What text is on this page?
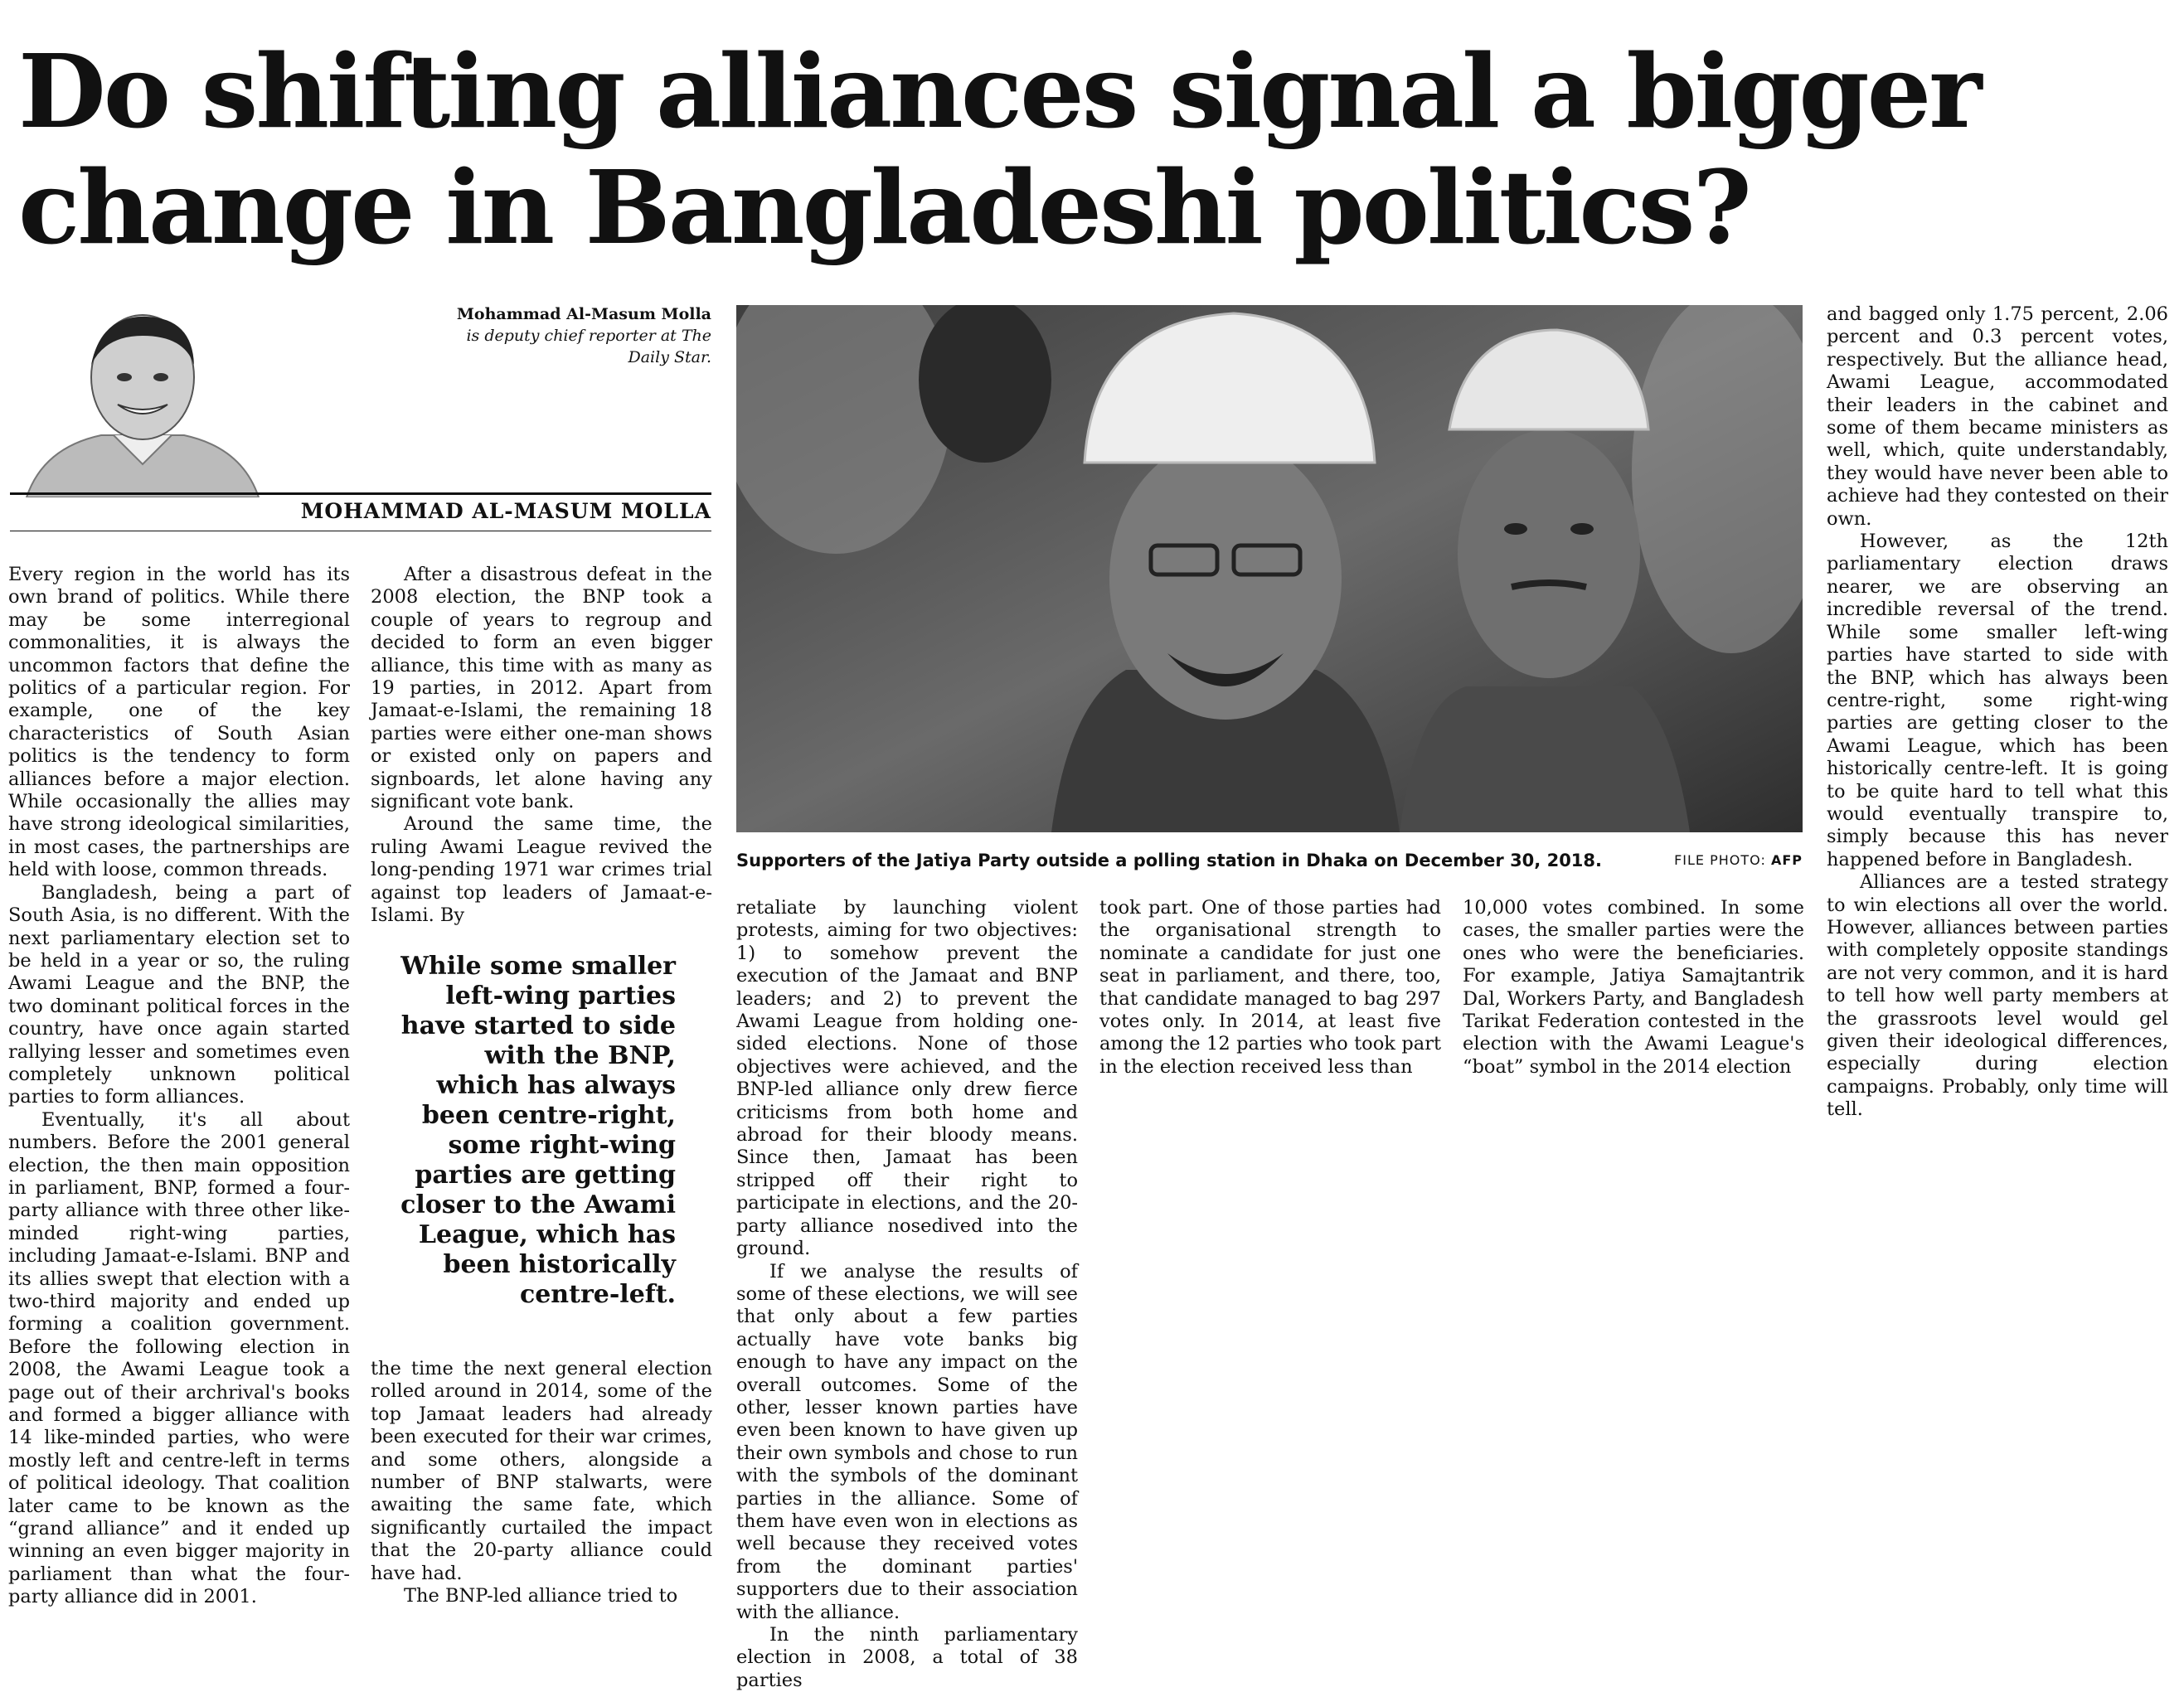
Do shifting alliances signal a bigger change in Bangladeshi politics?
Mohammad Al-Masum Molla
is deputy chief reporter at The
Daily Star.
MOHAMMAD AL-MASUM MOLLA

Every region in the world has its own brand of politics. While there may be some interregional commonalities, it is always the uncommon factors that define the politics of a particular region. For example, one of the key characteristics of South Asian politics is the tendency to form alliances before a major election. While occasionally the allies may have strong ideological similarities, in most cases, the partnerships are held with loose, common threads.

Bangladesh, being a part of South Asia, is no different. With the next parliamentary election set to be held in a year or so, the ruling Awami League and the BNP, the two dominant political forces in the country, have once again started rallying lesser and sometimes even completely unknown political parties to form alliances.

Eventually, it's all about numbers. Before the 2001 general election, the then main opposition in parliament, BNP, formed a four-party alliance with three other like-minded right-wing parties, including Jamaat-e-Islami. BNP and its allies swept that election with a two-third majority and ended up forming a coalition government. Before the following election in 2008, the Awami League took a page out of their archrival's books and formed a bigger alliance with 14 like-minded parties, who were mostly left and centre-left in terms of political ideology. That coalition later came to be known as the “grand alliance” and it ended up winning an even bigger majority in parliament than what the four-party alliance did in 2001.

After a disastrous defeat in the 2008 election, the BNP took a couple of years to regroup and decided to form an even bigger alliance, this time with as many as 19 parties, in 2012. Apart from Jamaat-e-Islami, the remaining 18 parties were either one-man shows or existed only on papers and signboards, let alone having any significant vote bank.

Around the same time, the ruling Awami League revived the long-pending 1971 war crimes trial against top leaders of Jamaat-e-Islami. By

While some smaller left-wing parties have started to side with the BNP, which has always been centre-right, some right-wing parties are getting closer to the Awami League, which has been historically centre-left.

the time the next general election rolled around in 2014, some of the top Jamaat leaders had already been executed for their war crimes, and some others, alongside a number of BNP stalwarts, were awaiting the same fate, which significantly curtailed the impact that the 20-party alliance could have had.

The BNP-led alliance tried to

Supporters of the Jatiya Party outside a polling station in Dhaka on December 30, 2018.	FILE PHOTO: AFP

retaliate by launching violent protests, aiming for two objectives: 1) to somehow prevent the execution of the Jamaat and BNP leaders; and 2) to prevent the Awami League from holding one-sided elections. None of those objectives were achieved, and the BNP-led alliance only drew fierce criticisms from both home and abroad for their bloody means. Since then, Jamaat has been stripped off their right to participate in elections, and the 20-party alliance nosedived into the ground.

If we analyse the results of some of these elections, we will see that only about a few parties actually have vote banks big enough to have any impact on the overall outcomes. Some of the other, lesser known parties have even been known to have given up their own symbols and chose to run with the symbols of the dominant parties in the alliance. Some of them have even won in elections as well because they received votes from the dominant parties' supporters due to their association with the alliance.

In the ninth parliamentary election in 2008, a total of 38 parties

took part. One of those parties had the organisational strength to nominate a candidate for just one seat in parliament, and there, too, that candidate managed to bag 297 votes only. In 2014, at least five among the 12 parties who took part in the election received less than

10,000 votes combined. In some cases, the smaller parties were the ones who were the beneficiaries. For example, Jatiya Samajtantrik Dal, Workers Party, and Bangladesh Tarikat Federation contested in the election with the Awami League's “boat” symbol in the 2014 election

and bagged only 1.75 percent, 2.06 percent and 0.3 percent votes, respectively. But the alliance head, Awami League, accommodated their leaders in the cabinet and some of them became ministers as well, which, quite understandably, they would have never been able to achieve had they contested on their own.

However, as the 12th parliamentary election draws nearer, we are observing an incredible reversal of the trend. While some smaller left-wing parties have started to side with the BNP, which has always been centre-right, some right-wing parties are getting closer to the Awami League, which has been historically centre-left. It is going to be quite hard to tell what this would eventually transpire to, simply because this has never happened before in Bangladesh.

Alliances are a tested strategy to win elections all over the world. However, alliances between parties with completely opposite standings are not very common, and it is hard to tell how well party members at the grassroots level would gel given their ideological differences, especially during election campaigns. Probably, only time will tell.
